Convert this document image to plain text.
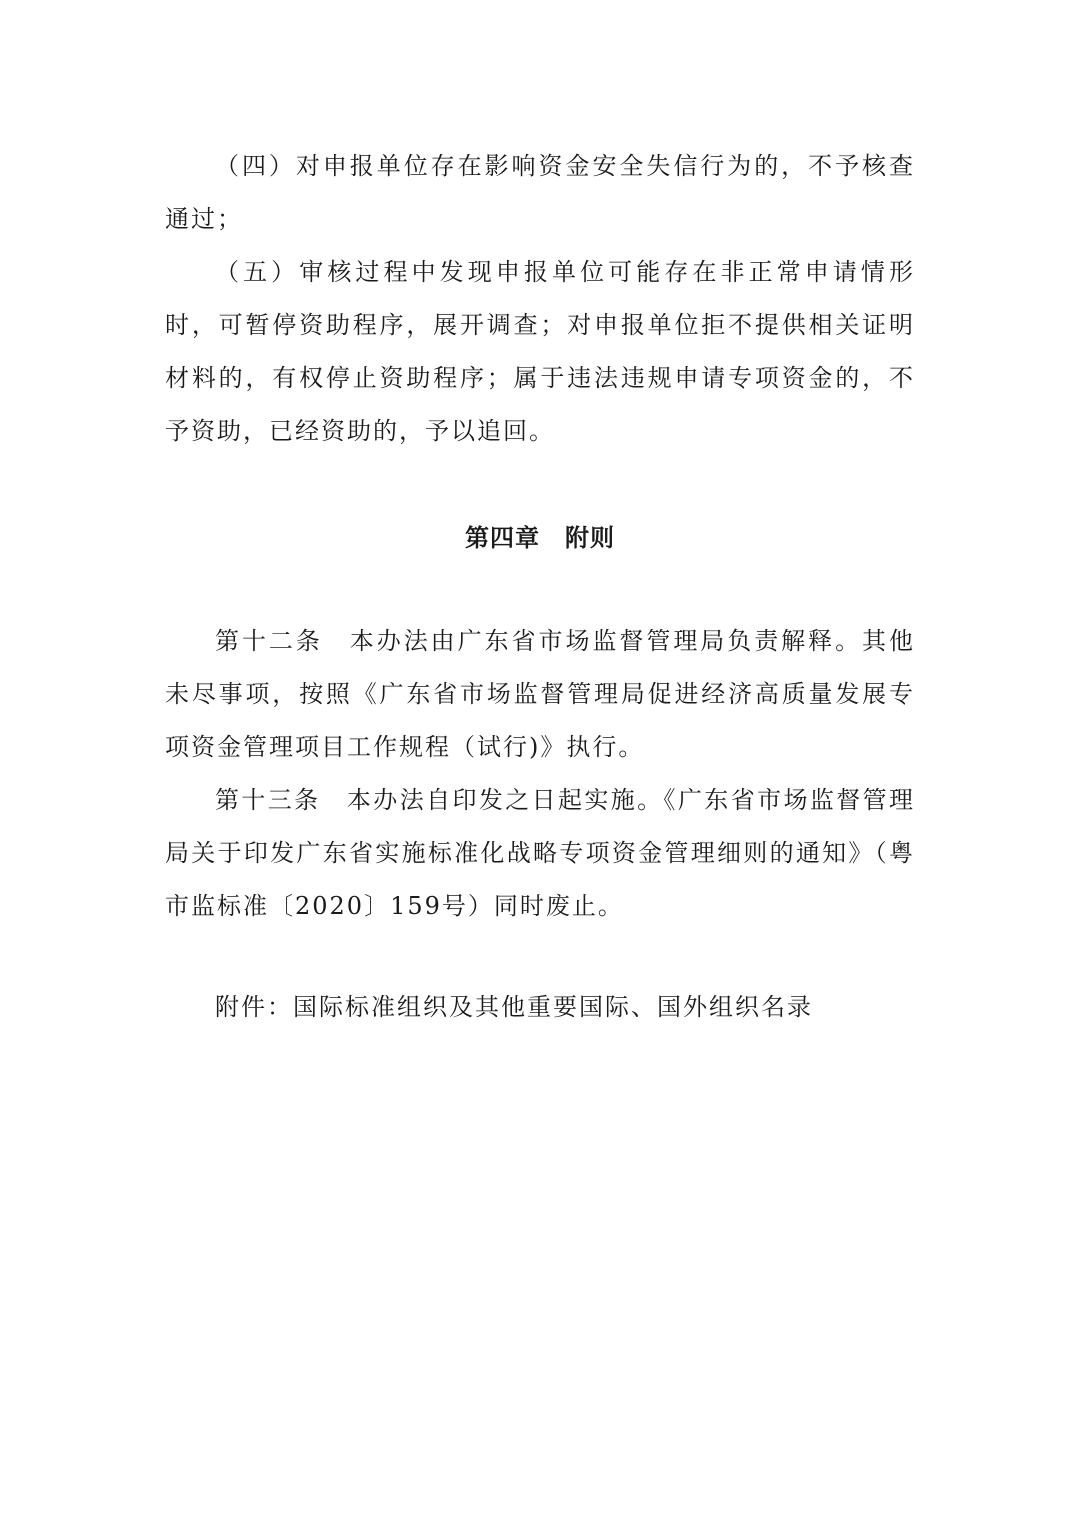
（四）对申报单位存在影响资金安全失信行为的，不予核查通过；

（五）审核过程中发现申报单位可能存在非正常申请情形时，可暂停资助程序，展开调查；对申报单位拒不提供相关证明材料的，有权停止资助程序；属于违法违规申请专项资金的，不予资助，已经资助的，予以追回。

第四章　附则

第十二条　本办法由广东省市场监督管理局负责解释。其他未尽事项，按照《广东省市场监督管理局促进经济高质量发展专项资金管理项目工作规程（试行)》执行。

第十三条　本办法自印发之日起实施。《广东省市场监督管理局关于印发广东省实施标准化战略专项资金管理细则的通知》（粤市监标准〔2020〕159号）同时废止。

附件：国际标准组织及其他重要国际、国外组织名录
